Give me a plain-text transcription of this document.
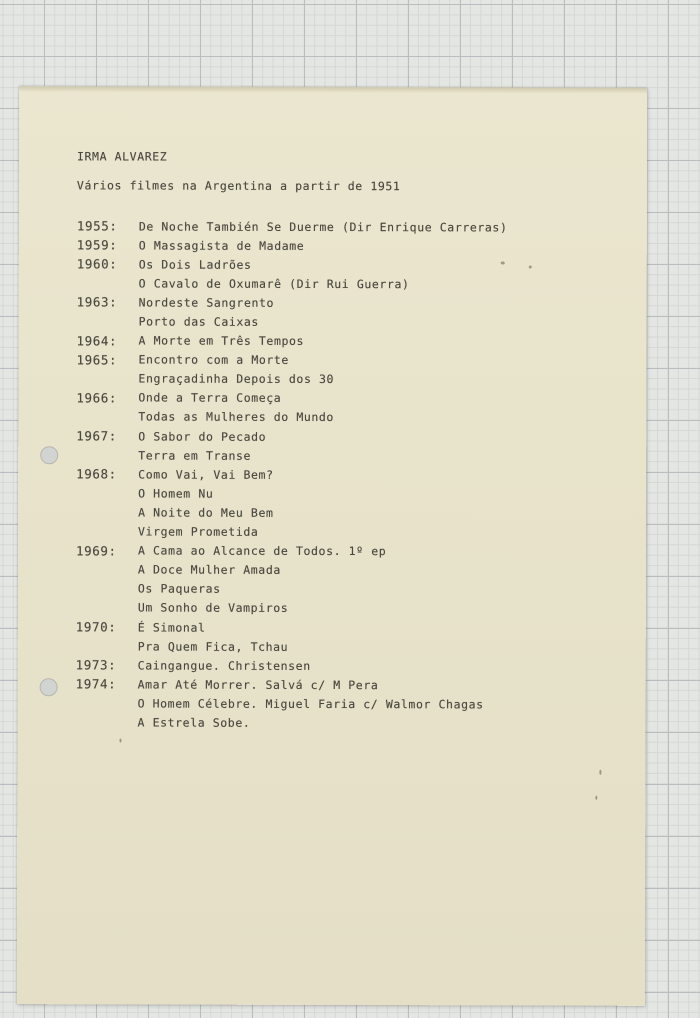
IRMA ALVAREZ
Vários filmes na Argentina a partir de 1951
1955:	De Noche También Se Duerme (Dir Enrique Carreras)
1959:	O Massagista de Madame
1960:	Os Dois Ladrões
O Cavalo de Oxumarê (Dir Rui Guerra)
1963:	Nordeste Sangrento
Porto das Caixas
1964:	A Morte em Três Tempos
1965:	Encontro com a Morte
Engraçadinha Depois dos 30
1966:	Onde a Terra Começa
Todas as Mulheres do Mundo
1967:	O Sabor do Pecado
Terra em Transe
1968:	Como Vai, Vai Bem?
O Homem Nu
A Noite do Meu Bem
Virgem Prometida
1969:	A Cama ao Alcance de Todos. 1º ep
A Doce Mulher Amada
Os Paqueras
Um Sonho de Vampiros
1970:	É Simonal
Pra Quem Fica, Tchau
1973:	Caingangue. Christensen
1974:	Amar Até Morrer. Salvá c/ M Pera
O Homem Célebre. Miguel Faria c/ Walmor Chagas
A Estrela Sobe.
